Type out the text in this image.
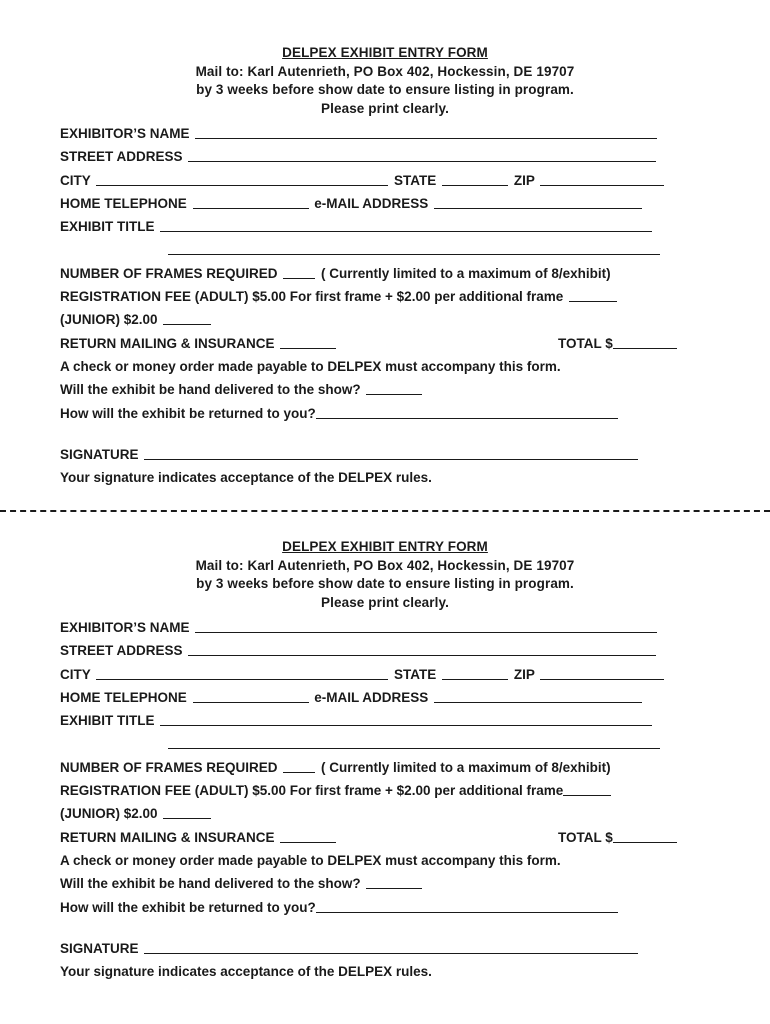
DELPEX EXHIBIT ENTRY FORM
Mail to: Karl Autenrieth, PO Box 402, Hockessin, DE 19707
by 3 weeks before show date to ensure listing in program.
Please print clearly.
EXHIBITOR’S NAME
STREET ADDRESS
CITY	STATE	ZIP
HOME TELEPHONE	e-MAIL ADDRESS
EXHIBIT TITLE
NUMBER OF FRAMES REQUIRED	( Currently limited to a maximum of 8/exhibit)
REGISTRATION FEE (ADULT) $5.00 For first frame + $2.00 per additional frame
(JUNIOR) $2.00
RETURN MAILING & INSURANCE	TOTAL $
A check or money order made payable to DELPEX must accompany this form.
Will the exhibit be hand delivered to the show?
How will the exhibit be returned to you?
SIGNATURE
Your signature indicates acceptance of the DELPEX rules.
DELPEX EXHIBIT ENTRY FORM
Mail to: Karl Autenrieth, PO Box 402, Hockessin, DE 19707
by 3 weeks before show date to ensure listing in program.
Please print clearly.
EXHIBITOR’S NAME
STREET ADDRESS
CITY	STATE	ZIP
HOME TELEPHONE	e-MAIL ADDRESS
EXHIBIT TITLE
NUMBER OF FRAMES REQUIRED	( Currently limited to a maximum of 8/exhibit)
REGISTRATION FEE (ADULT) $5.00 For first frame + $2.00 per additional frame
(JUNIOR) $2.00
RETURN MAILING & INSURANCE	TOTAL $
A check or money order made payable to DELPEX must accompany this form.
Will the exhibit be hand delivered to the show?
How will the exhibit be returned to you?
SIGNATURE
Your signature indicates acceptance of the DELPEX rules.
